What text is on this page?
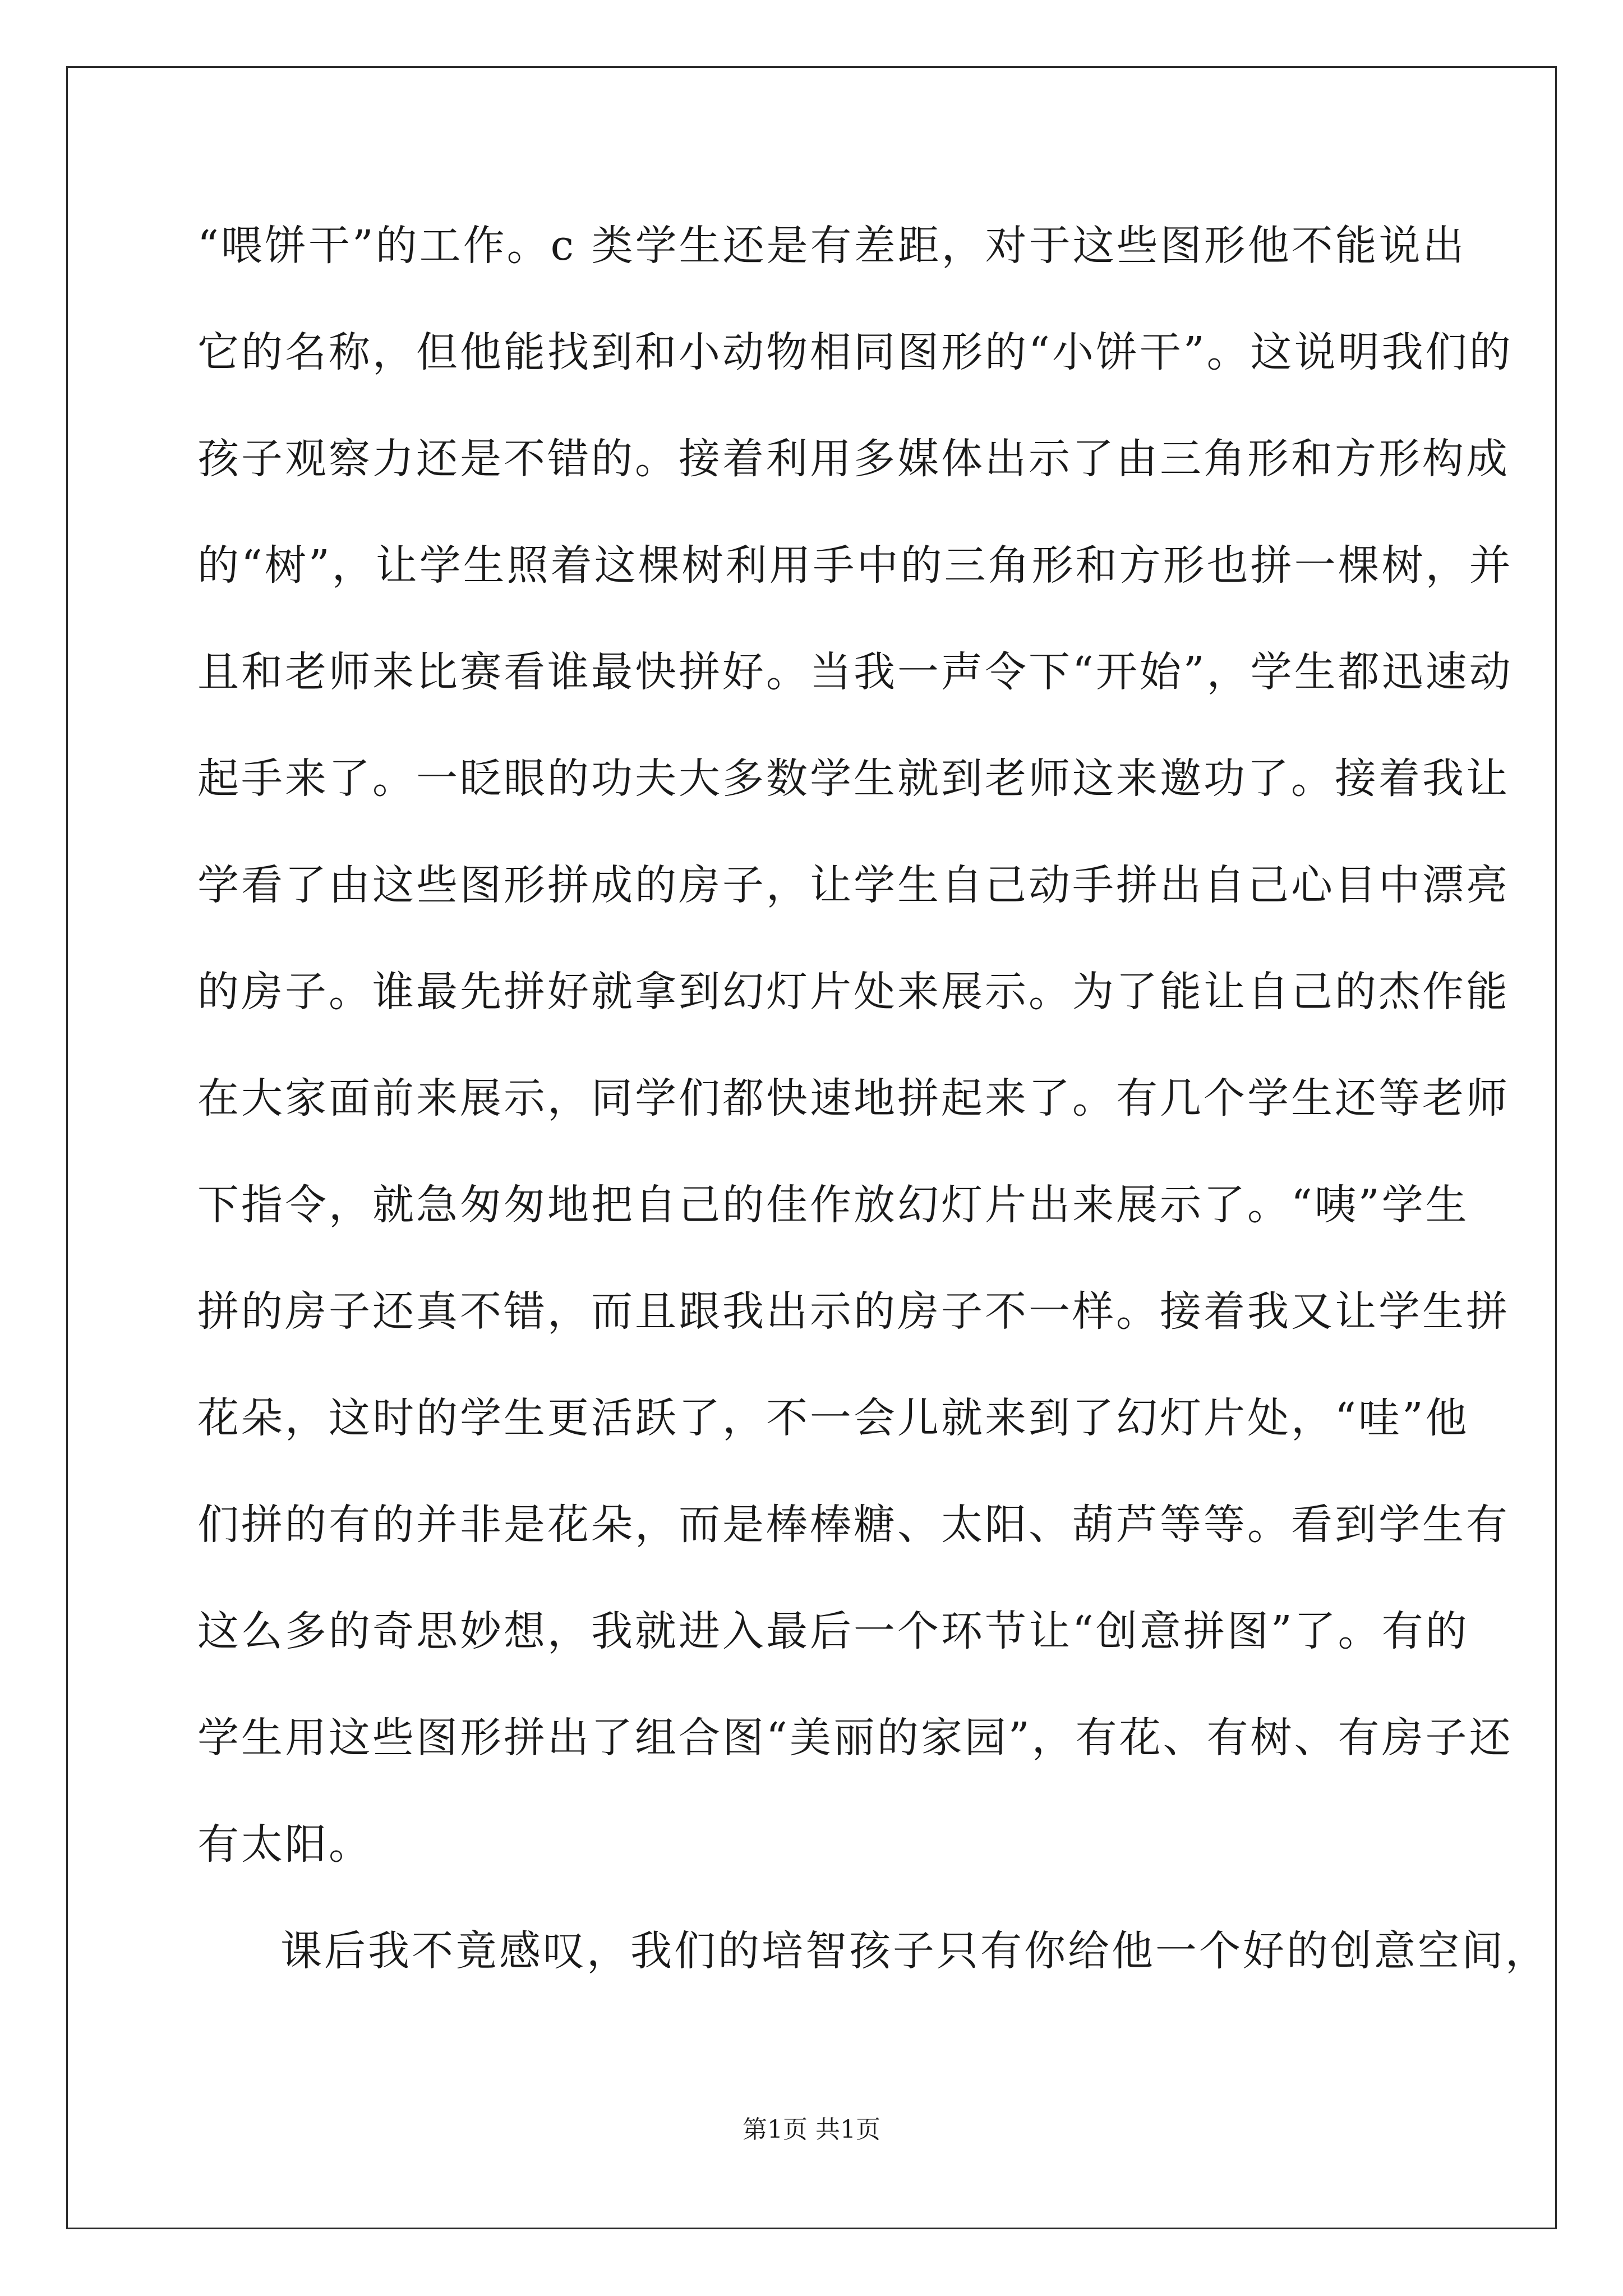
“喂饼干”的工作。c 类学生还是有差距，对于这些图形他不能说出
它的名称，但他能找到和小动物相同图形的“小饼干”。这说明我们的
孩子观察力还是不错的。接着利用多媒体出示了由三角形和方形构成
的“树”，让学生照着这棵树利用手中的三角形和方形也拼一棵树，并
且和老师来比赛看谁最快拼好。当我一声令下“开始”，学生都迅速动
起手来了。一眨眼的功夫大多数学生就到老师这来邀功了。接着我让
学看了由这些图形拼成的房子，让学生自己动手拼出自己心目中漂亮
的房子。谁最先拼好就拿到幻灯片处来展示。为了能让自己的杰作能
在大家面前来展示，同学们都快速地拼起来了。有几个学生还等老师
下指令，就急匆匆地把自己的佳作放幻灯片出来展示了。“咦”学生
拼的房子还真不错，而且跟我出示的房子不一样。接着我又让学生拼
花朵，这时的学生更活跃了，不一会儿就来到了幻灯片处，“哇”他
们拼的有的并非是花朵，而是棒棒糖、太阳、葫芦等等。看到学生有
这么多的奇思妙想，我就进入最后一个环节让“创意拼图”了。有的
学生用这些图形拼出了组合图“美丽的家园”，有花、有树、有房子还
有太阳。
课后我不竟感叹，我们的培智孩子只有你给他一个好的创意空间，
第1页 共1页
